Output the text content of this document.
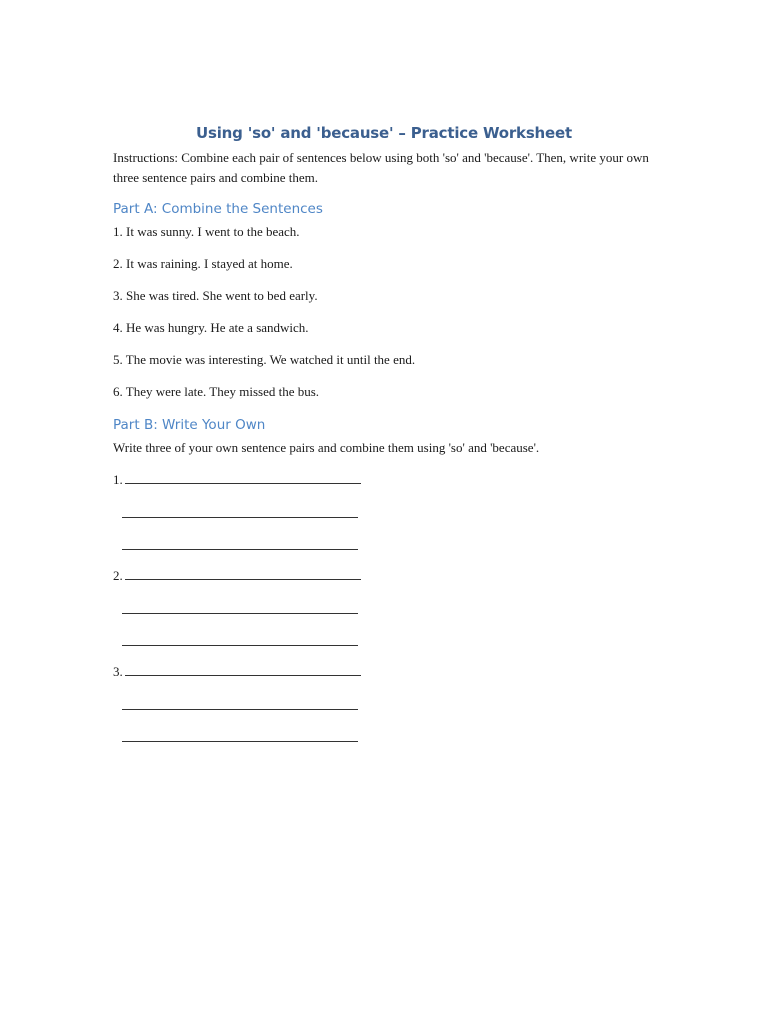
Using 'so' and 'because' – Practice Worksheet
Instructions: Combine each pair of sentences below using both 'so' and 'because'. Then, write your own three sentence pairs and combine them.
Part A: Combine the Sentences
1. It was sunny. I went to the beach.
2. It was raining. I stayed at home.
3. She was tired. She went to bed early.
4. He was hungry. He ate a sandwich.
5. The movie was interesting. We watched it until the end.
6. They were late. They missed the bus.
Part B: Write Your Own
Write three of your own sentence pairs and combine them using 'so' and 'because'.
1.
2.
3.
